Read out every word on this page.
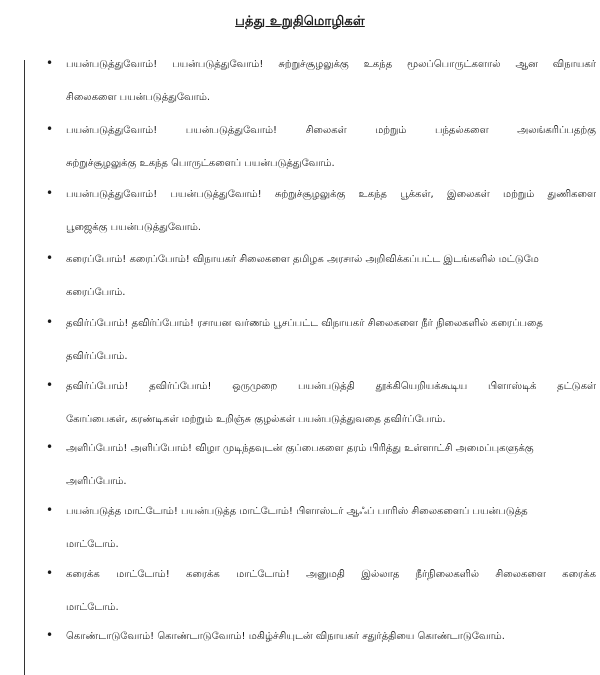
பத்து உறுதிமொழிகள்
• பயன்படுத்துவோம்! பயன்படுத்துவோம்! சுற்றுச்சூழலுக்கு உகந்த மூலப்பொருட்களால் ஆன விநாயகர்
சிலைகளை பயன்படுத்துவோம்.
• பயன்படுத்துவோம்! பயன்படுத்துவோம்! சிலைகள் மற்றும் பந்தல்களை அலங்கரிப்பதற்கு
சுற்றுச்சூழலுக்கு உகந்த பொருட்களைப் பயன்படுத்துவோம்.
• பயன்படுத்துவோம்! பயன்படுத்துவோம்! சுற்றுச்சூழலுக்கு உகந்த பூக்கள், இலைகள் மற்றும் துணிகளை
பூஜைக்கு பயன்படுத்துவோம்.
• கரைப்போம்! கரைப்போம்! விநாயகர் சிலைகளை தமிழக அரசால் அறிவிக்கப்பட்ட இடங்களில் மட்டுமே
கரைப்போம்.
• தவிர்ப்போம்! தவிர்ப்போம்! ரசாயன வர்ணம் பூசப்பட்ட விநாயகர் சிலைகளை நீர் நிலைகளில் கரைப்பதை
தவிர்ப்போம்.
• தவிர்ப்போம்! தவிர்ப்போம்! ஒருமுறை பயன்படுத்தி தூக்கியெறியக்கூடிய பிளாஸ்டிக் தட்டுகள்
கோப்பைகள், கரண்டிகள் மற்றும் உறிஞ்சு குழல்கள் பயன்படுத்துவதை தவிர்ப்போம்.
• அளிப்போம்! அளிப்போம்! விழா முடிந்தவுடன் குப்பைகளை தரம் பிரித்து உள்ளாட்சி அமைப்புகளுக்கு
அளிப்போம்.
• பயன்படுத்த மாட்டோம்! பயன்படுத்த மாட்டோம்! பிளாஸ்டர் ஆஃப் பாரிஸ் சிலைகளைப் பயன்படுத்த
மாட்டோம்.
• கரைக்க மாட்டோம்! கரைக்க மாட்டோம்! அனுமதி இல்லாத நீர்நிலைகளில் சிலைகளை கரைக்க
மாட்டோம்.
• கொண்டாடுவோம்! கொண்டாடுவோம்! மகிழ்ச்சியுடன் விநாயகர் சதுர்த்தியை கொண்டாடுவோம்.
